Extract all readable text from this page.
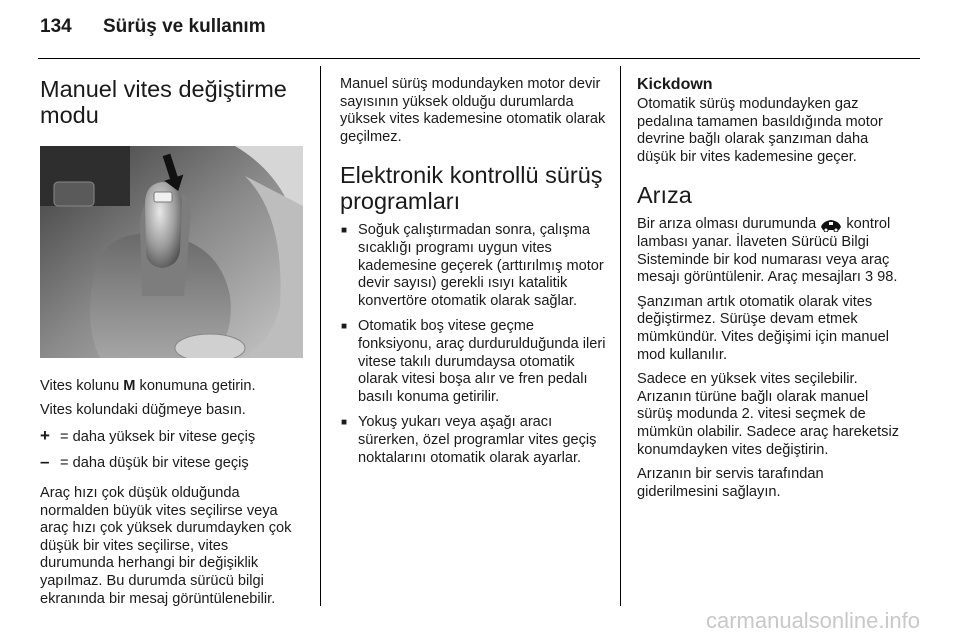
134 Sürüş ve kullanım
Manuel vites değiştirme modu

Vites kolunu M konumuna getirin.

Vites kolundaki düğmeye basın.

+ = daha yüksek bir vitese geçiş

– = daha düşük bir vitese geçiş

Araç hızı çok düşük olduğunda normalden büyük vites seçilirse veya araç hızı çok yüksek durumdayken çok düşük bir vites seçilirse, vites durumunda herhangi bir değişiklik yapılmaz. Bu durumda sürücü bilgi ekranında bir mesaj görüntülenebilir.

Manuel sürüş modundayken motor devir sayısının yüksek olduğu durumlarda yüksek vites kademesine otomatik olarak geçilmez.

Elektronik kontrollü sürüş programları
■ Soğuk çalıştırmadan sonra, çalışma sıcaklığı programı uygun vites kademesine geçerek (arttırılmış motor devir sayısı) gerekli ısıyı katalitik konvertöre otomatik olarak sağlar.
■ Otomatik boş vitese geçme fonksiyonu, araç durdurulduğunda ileri vitese takılı durumdaysa otomatik olarak vitesi boşa alır ve fren pedalı basılı konuma getirilir.
■ Yokuş yukarı veya aşağı aracı sürerken, özel programlar vites geçiş noktalarını otomatik olarak ayarlar.
Kickdown

Otomatik sürüş modundayken gaz pedalına tamamen basıldığında motor devrine bağlı olarak şanzıman daha düşük bir vites kademesine geçer.

Arıza

Bir arıza olması durumunda  kontrol lambası yanar. İlaveten Sürücü Bilgi Sisteminde bir kod numarası veya araç mesajı görüntülenir. Araç mesajları 3 98.

Şanzıman artık otomatik olarak vites değiştirmez. Sürüşe devam etmek mümkündür. Vites değişimi için manuel mod kullanılır.

Sadece en yüksek vites seçilebilir. Arızanın türüne bağlı olarak manuel sürüş modunda 2. vitesi seçmek de mümkün olabilir. Sadece araç hareketsiz konumdayken vites değiştirin.

Arızanın bir servis tarafından giderilmesini sağlayın.

carmanualsonline.info
